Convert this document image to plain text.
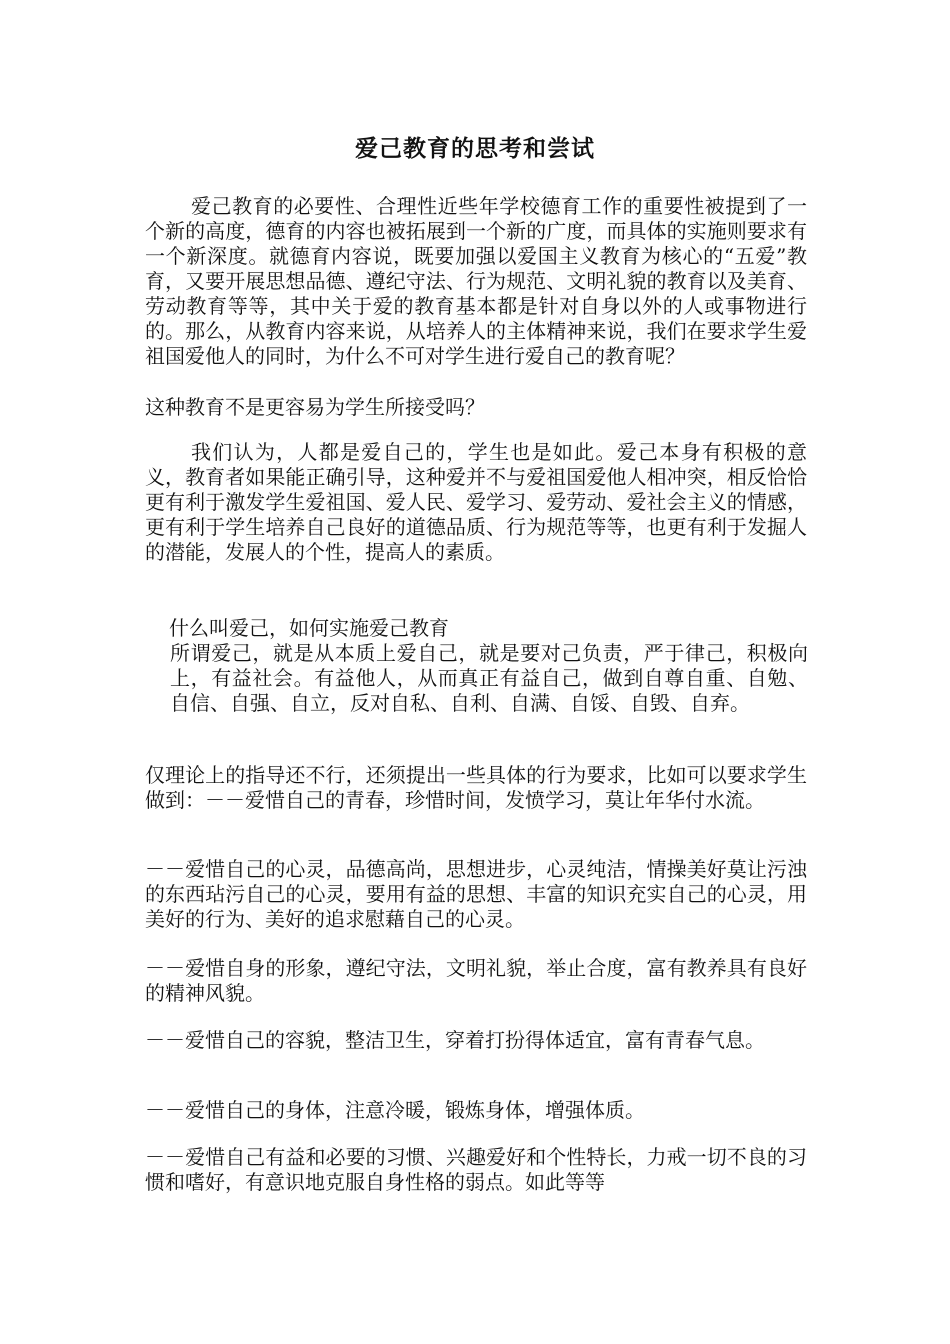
爱己教育的思考和尝试

爱己教育的必要性、合理性近些年学校德育工作的重要性被提到了一个新的高度，德育的内容也被拓展到一个新的广度，而具体的实施则要求有一个新深度。就德育内容说，既要加强以爱国主义教育为核心的“五爱”教育，又要开展思想品德、遵纪守法、行为规范、文明礼貌的教育以及美育、劳动教育等等，其中关于爱的教育基本都是针对自身以外的人或事物进行的。那么，从教育内容来说，从培养人的主体精神来说，我们在要求学生爱祖国爱他人的同时，为什么不可对学生进行爱自己的教育呢？

这种教育不是更容易为学生所接受吗？

我们认为，人都是爱自己的，学生也是如此。爱己本身有积极的意义，教育者如果能正确引导，这种爱并不与爱祖国爱他人相冲突，相反恰恰更有利于激发学生爱祖国、爱人民、爱学习、爱劳动、爱社会主义的情感，更有利于学生培养自己良好的道德品质、行为规范等等，也更有利于发掘人的潜能，发展人的个性，提高人的素质。

什么叫爱己，如何实施爱己教育

所谓爱己，就是从本质上爱自己，就是要对己负责，严于律己，积极向上，有益社会。有益他人，从而真正有益自己，做到自尊自重、自勉、自信、自强、自立，反对自私、自利、自满、自馁、自毁、自弃。

仅理论上的指导还不行，还须提出一些具体的行为要求，比如可以要求学生做到：－－爱惜自己的青春，珍惜时间，发愤学习，莫让年华付水流。

－－爱惜自己的心灵，品德高尚，思想进步，心灵纯洁，情操美好莫让污浊的东西玷污自己的心灵，要用有益的思想、丰富的知识充实自己的心灵，用美好的行为、美好的追求慰藉自己的心灵。

－－爱惜自身的形象，遵纪守法，文明礼貌，举止合度，富有教养具有良好的精神风貌。

－－爱惜自己的容貌，整洁卫生，穿着打扮得体适宜，富有青春气息。

－－爱惜自己的身体，注意冷暖，锻炼身体，增强体质。

－－爱惜自己有益和必要的习惯、兴趣爱好和个性特长，力戒一切不良的习惯和嗜好，有意识地克服自身性格的弱点。如此等等
